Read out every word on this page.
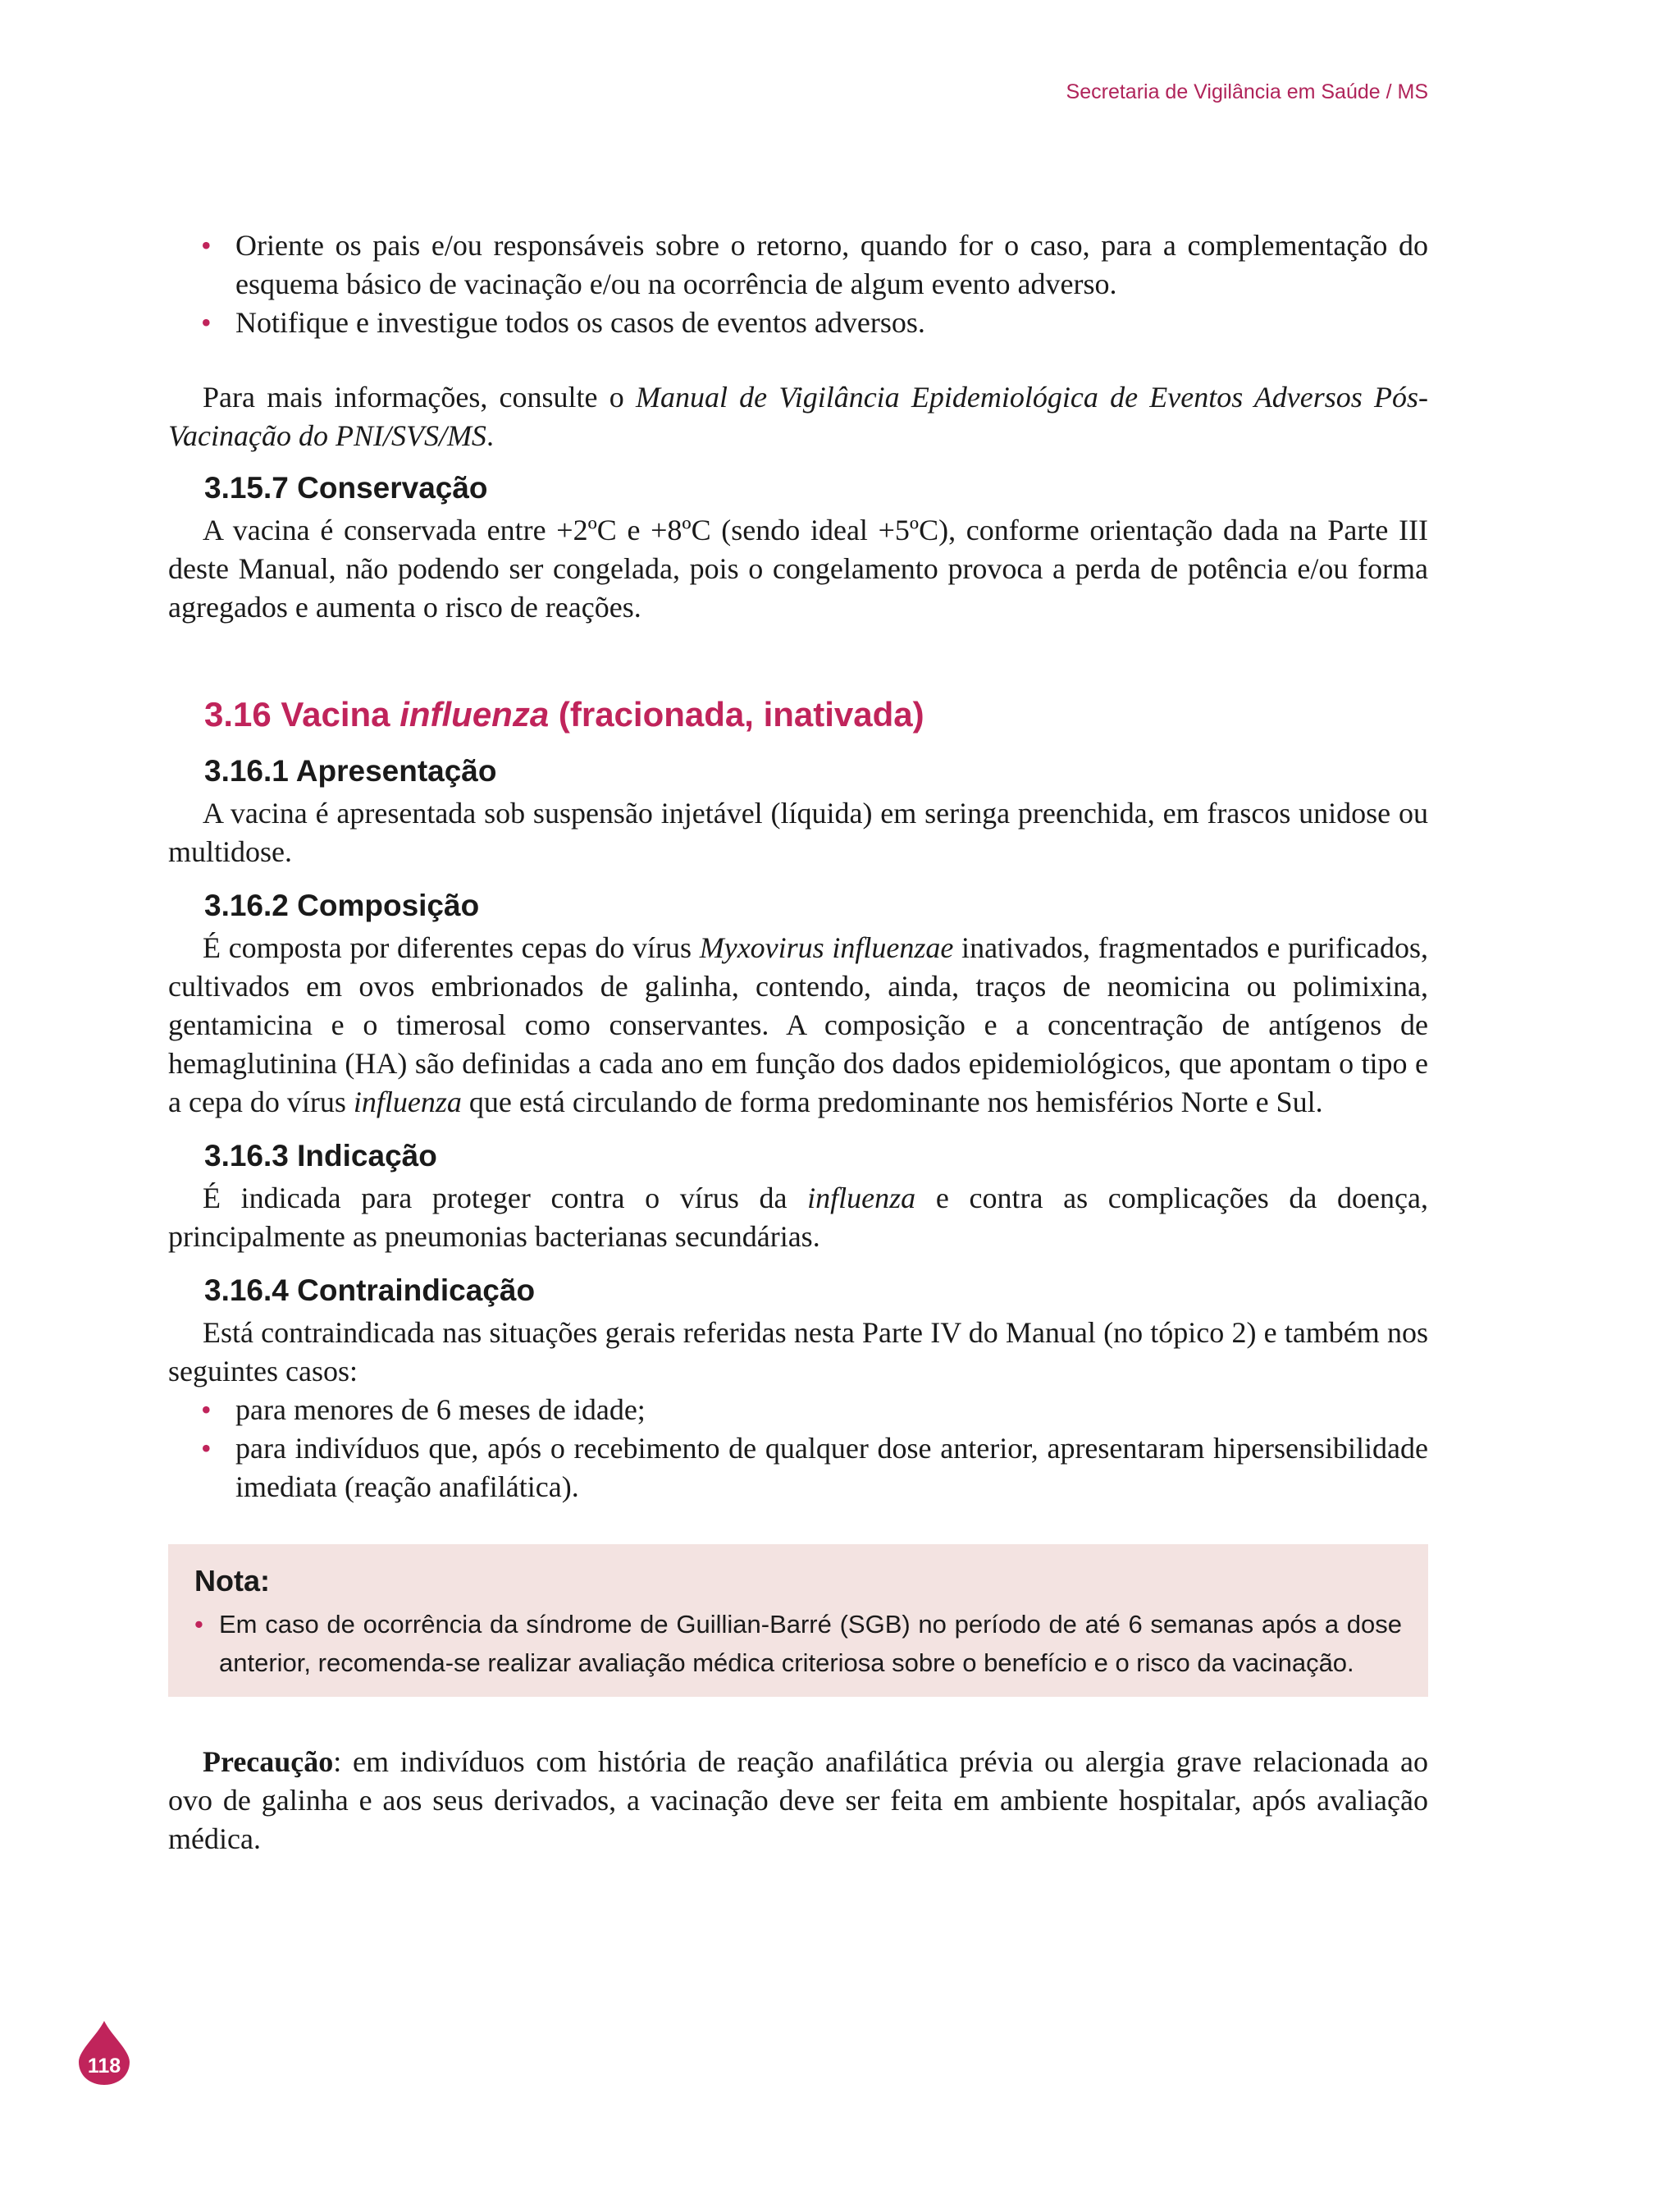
Secretaria de Vigilância em Saúde / MS
• Oriente os pais e/ou responsáveis sobre o retorno, quando for o caso, para a complementação do esquema básico de vacinação e/ou na ocorrência de algum evento adverso.
• Notifique e investigue todos os casos de eventos adversos.

Para mais informações, consulte o Manual de Vigilância Epidemiológica de Eventos Adversos Pós-Vacinação do PNI/SVS/MS.

3.15.7 Conservação

A vacina é conservada entre +2ºC e +8ºC (sendo ideal +5ºC), conforme orientação dada na Parte III deste Manual, não podendo ser congelada, pois o congelamento provoca a perda de potência e/ou forma agregados e aumenta o risco de reações.

3.16 Vacina influenza (fracionada, inativada)
3.16.1 Apresentação

A vacina é apresentada sob suspensão injetável (líquida) em seringa preenchida, em frascos unidose ou multidose.

3.16.2 Composição

É composta por diferentes cepas do vírus Myxovirus influenzae inativados, fragmentados e purificados, cultivados em ovos embrionados de galinha, contendo, ainda, traços de neomicina ou polimixina, gentamicina e o timerosal como conservantes. A composição e a concentração de antígenos de hemaglutinina (HA) são definidas a cada ano em função dos dados epidemiológicos, que apontam o tipo e a cepa do vírus influenza que está circulando de forma predominante nos hemisférios Norte e Sul.

3.16.3 Indicação

É indicada para proteger contra o vírus da influenza e contra as complicações da doença, principalmente as pneumonias bacterianas secundárias.

3.16.4 Contraindicação

Está contraindicada nas situações gerais referidas nesta Parte IV do Manual (no tópico 2) e também nos seguintes casos:

• para menores de 6 meses de idade;
• para indivíduos que, após o recebimento de qualquer dose anterior, apresentaram hipersensibilidade imediata (reação anafilática).
Nota:
• Em caso de ocorrência da síndrome de Guillian-Barré (SGB) no período de até 6 semanas após a dose anterior, recomenda-se realizar avaliação médica criteriosa sobre o benefício e o risco da vacinação.

Precaução: em indivíduos com história de reação anafilática prévia ou alergia grave relacionada ao ovo de galinha e aos seus derivados, a vacinação deve ser feita em ambiente hospitalar, após avaliação médica.

118
